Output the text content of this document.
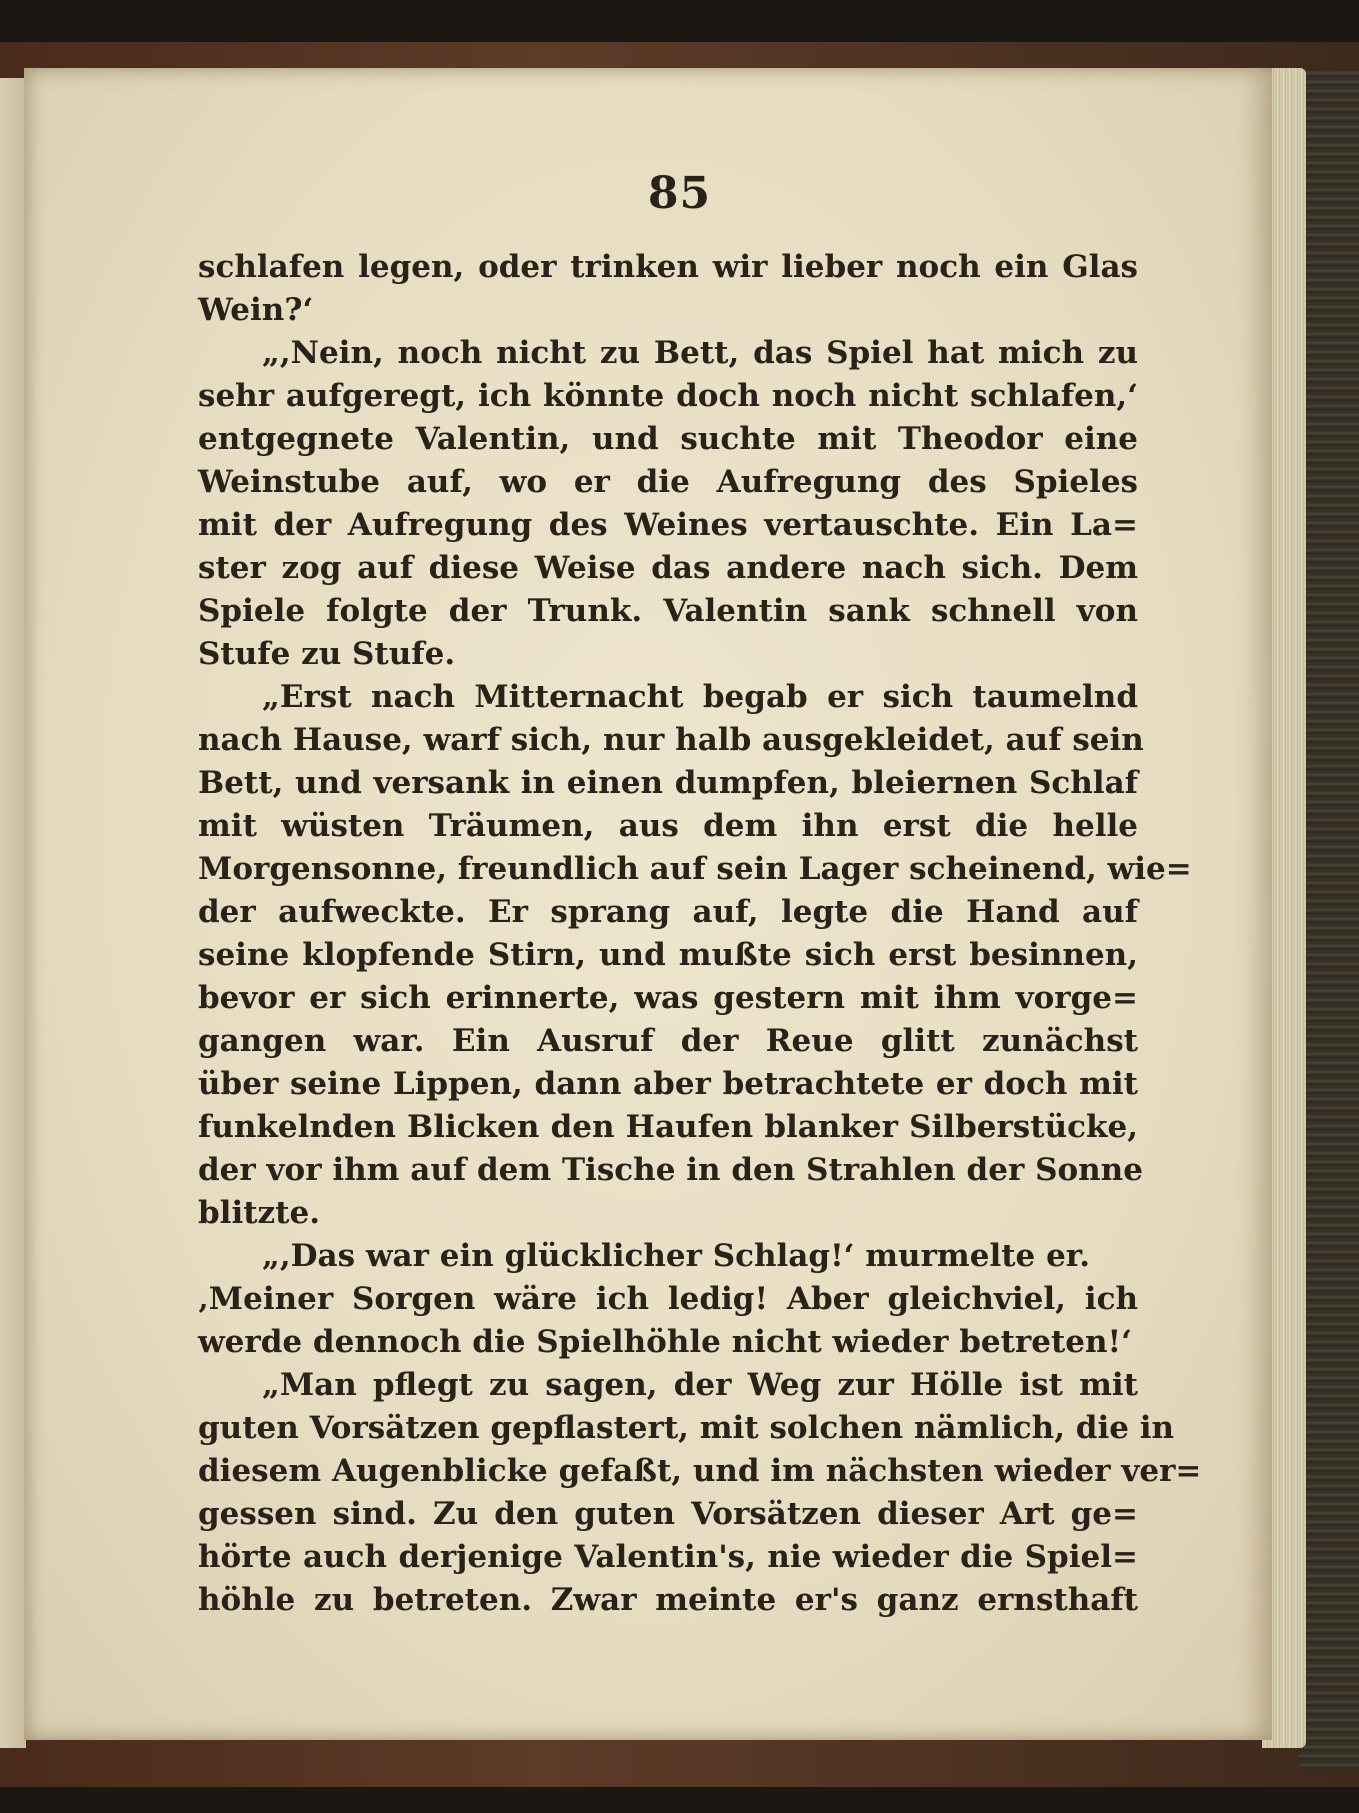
85
schlafen legen, oder trinken wir lieber noch ein Glas
Wein?‘
„,Nein, noch nicht zu Bett, das Spiel hat mich zu
sehr aufgeregt, ich könnte doch noch nicht schlafen,‘
entgegnete Valentin, und suchte mit Theodor eine
Weinstube auf, wo er die Aufregung des Spieles
mit der Aufregung des Weines vertauschte. Ein La=
ster zog auf diese Weise das andere nach sich. Dem
Spiele folgte der Trunk. Valentin sank schnell von
Stufe zu Stufe.
„Erst nach Mitternacht begab er sich taumelnd
nach Hause, warf sich, nur halb ausgekleidet, auf sein
Bett, und versank in einen dumpfen, bleiernen Schlaf
mit wüsten Träumen, aus dem ihn erst die helle
Morgensonne, freundlich auf sein Lager scheinend, wie=
der aufweckte. Er sprang auf, legte die Hand auf
seine klopfende Stirn, und mußte sich erst besinnen,
bevor er sich erinnerte, was gestern mit ihm vorge=
gangen war. Ein Ausruf der Reue glitt zunächst
über seine Lippen, dann aber betrachtete er doch mit
funkelnden Blicken den Haufen blanker Silberstücke,
der vor ihm auf dem Tische in den Strahlen der Sonne
blitzte.
„,Das war ein glücklicher Schlag!‘ murmelte er.
‚Meiner Sorgen wäre ich ledig! Aber gleichviel, ich
werde dennoch die Spielhöhle nicht wieder betreten!‘
„Man pflegt zu sagen, der Weg zur Hölle ist mit
guten Vorsätzen gepflastert, mit solchen nämlich, die in
diesem Augenblicke gefaßt, und im nächsten wieder ver=
gessen sind. Zu den guten Vorsätzen dieser Art ge=
hörte auch derjenige Valentin's, nie wieder die Spiel=
höhle zu betreten. Zwar meinte er's ganz ernsthaft
